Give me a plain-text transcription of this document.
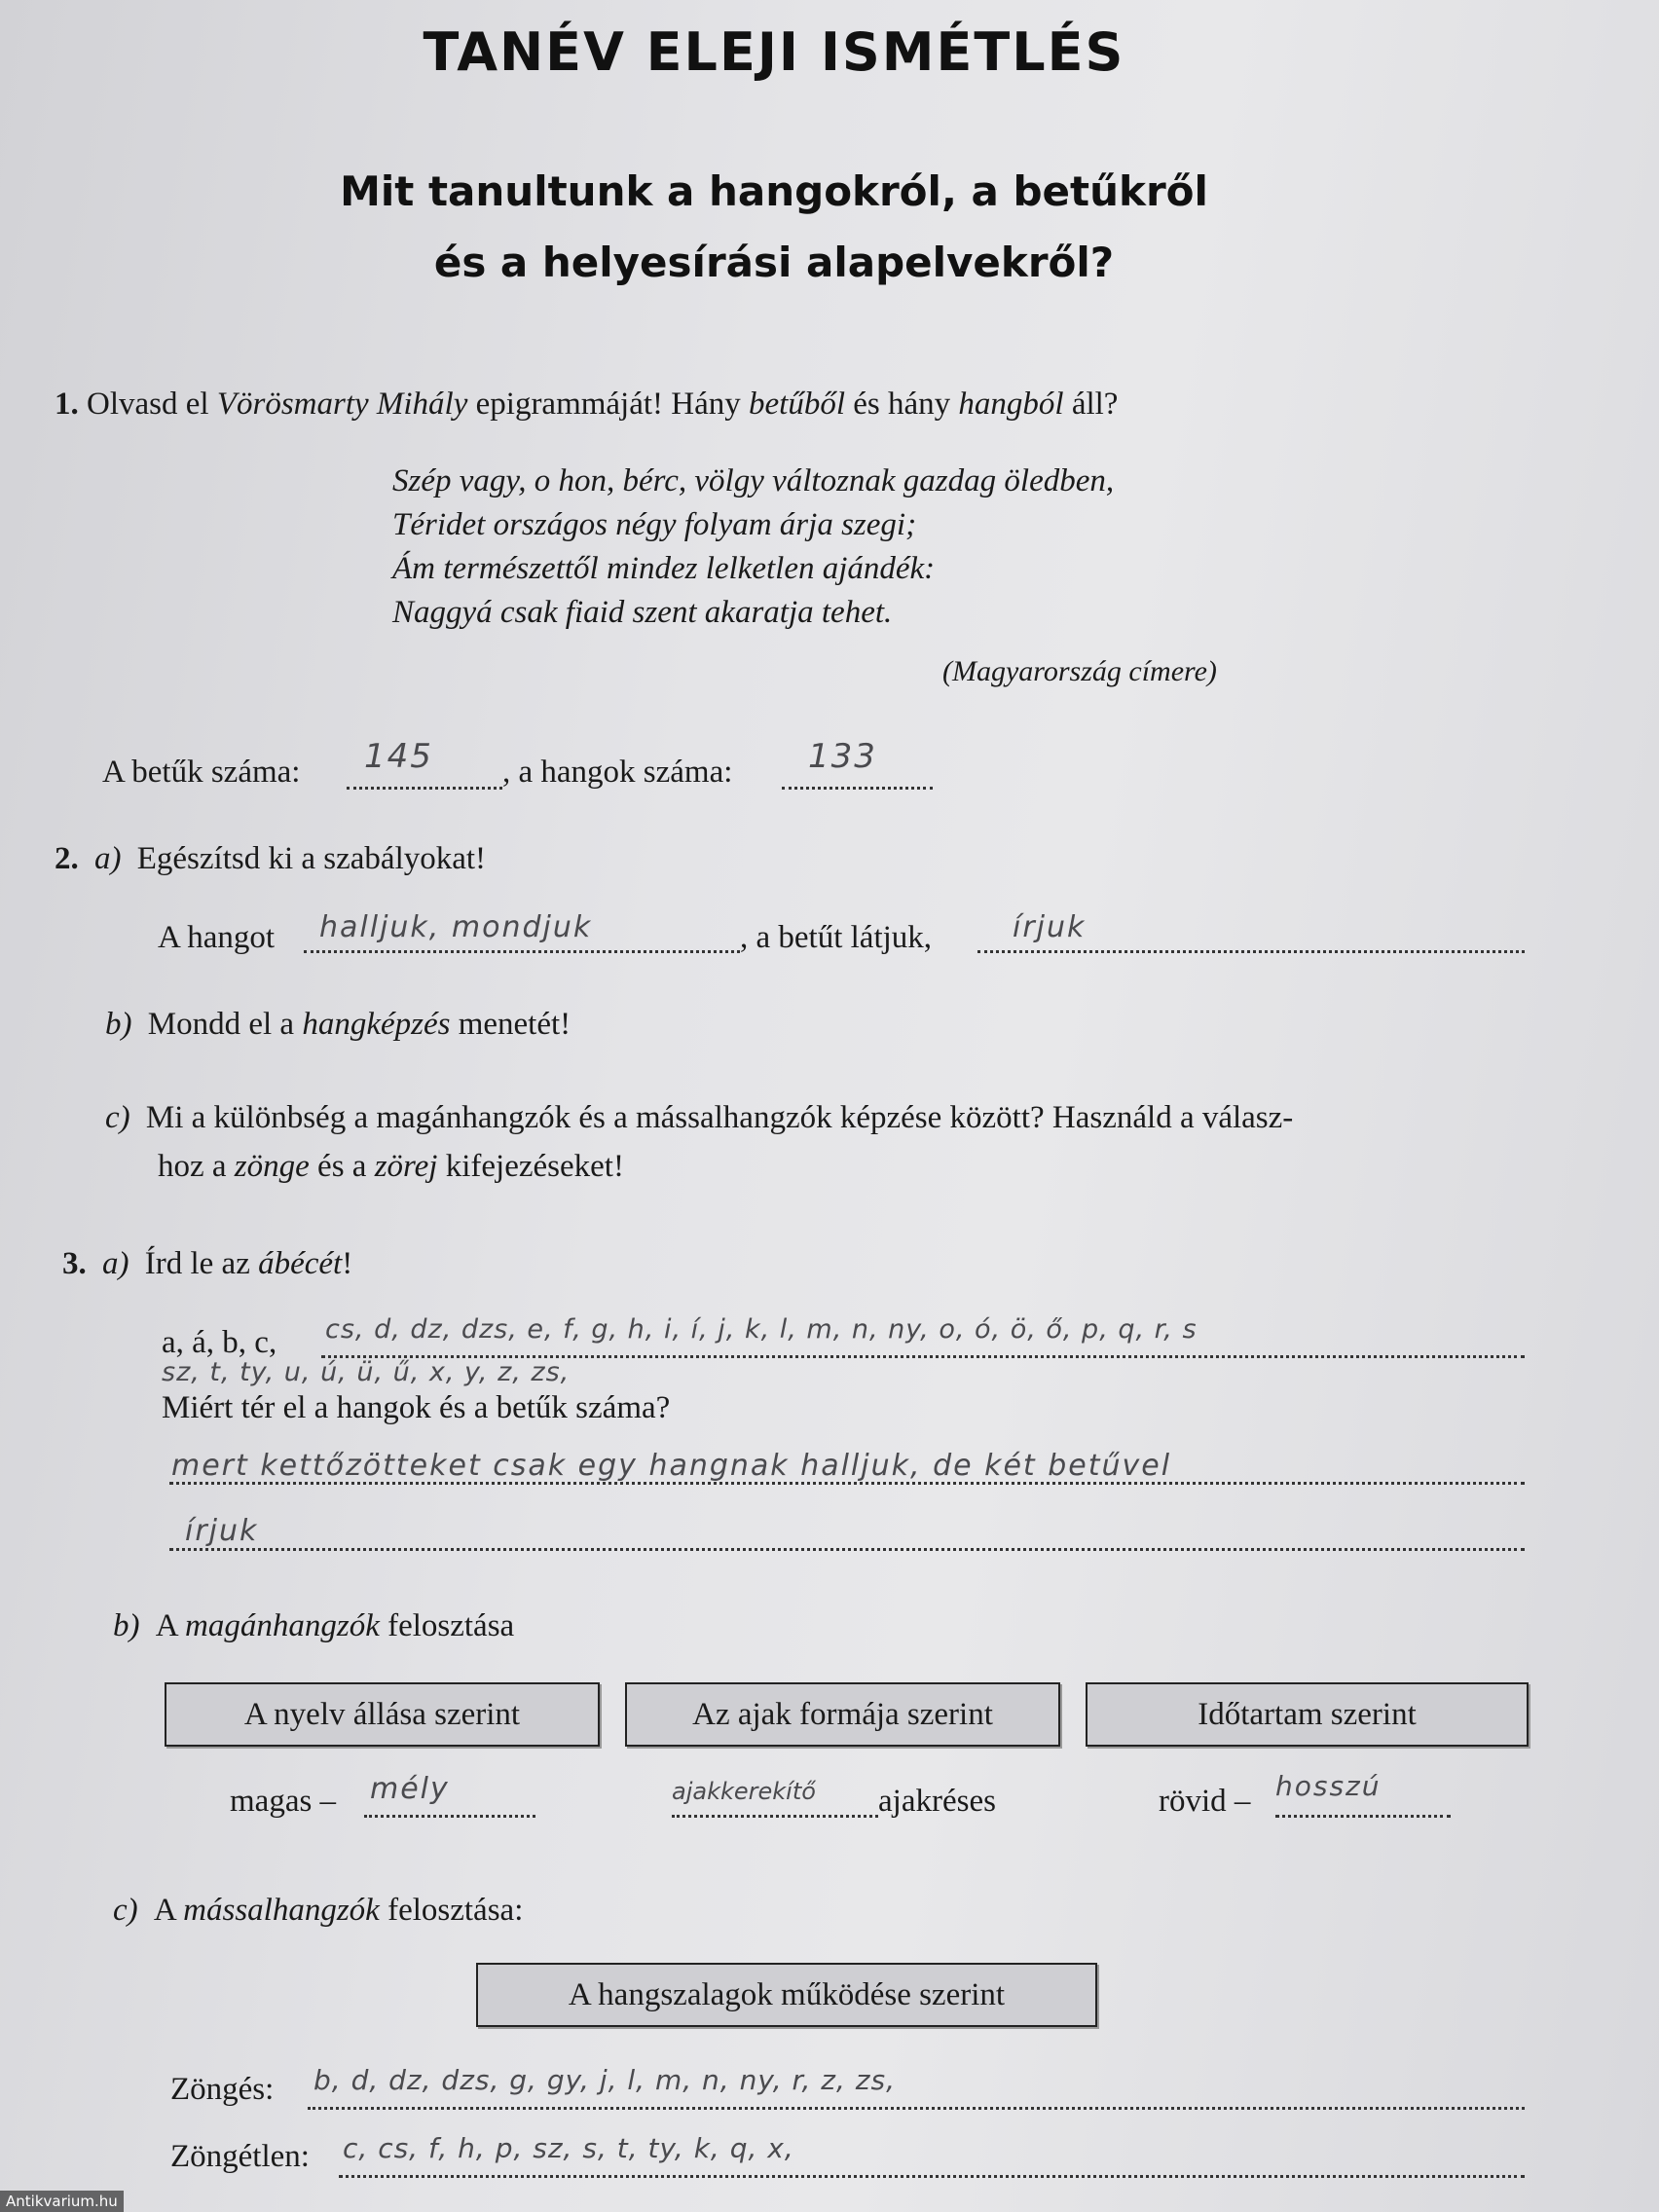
TANÉV ELEJI ISMÉTLÉS
Mit tanultunk a hangokról, a betűkről
és a helyesírási alapelvekről?
1. Olvasd el Vörösmarty Mihály epigrammáját! Hány betűből és hány hangból áll?
Szép vagy, o hon, bérc, völgy változnak gazdag öledben,
Téridet országos négy folyam árja szegi;
Ám természettől mindez lelketlen ajándék:
Naggyá csak fiaid szent akaratja tehet.
(Magyarország címere)
A betűk száma: 145 , a hangok száma: 133
2. a) Egészítsd ki a szabályokat!
A hangot halljuk, mondjuk	, a betűt látjuk,	írjuk
b) Mondd el a hangképzés menetét!
c) Mi a különbség a magánhangzók és a mássalhangzók képzése között? Használd a válasz-
hoz a zönge és a zörej kifejezéseket!
3. a) Írd le az ábécét!
a, á, b, c, cs, d, dz, dzs, e, f, g, h, i, í, j, k, l, m, n, ny, o, ó, ö, ő, p, q, r, s
sz, t, ty, u, ú, ü, ű, x, y, z, zs,
Miért tér el a hangok és a betűk száma?
mert kettőzötteket csak egy hangnak halljuk, de két betűvel
írjuk
b) A magánhangzók felosztása
A nyelv állása szerint	Az ajak formája szerint	Időtartam szerint
magas – mély	ajakkerekítő ajakréses	rövid – hosszú
c) A mássalhangzók felosztása:
A hangszalagok működése szerint
Zöngés: b, d, dz, dzs, g, gy, j, l, m, n, ny, r, z, zs,
Zöngétlen: c, cs, f, h, p, sz, s, t, ty, k, q, x,
Antikvarium.hu
